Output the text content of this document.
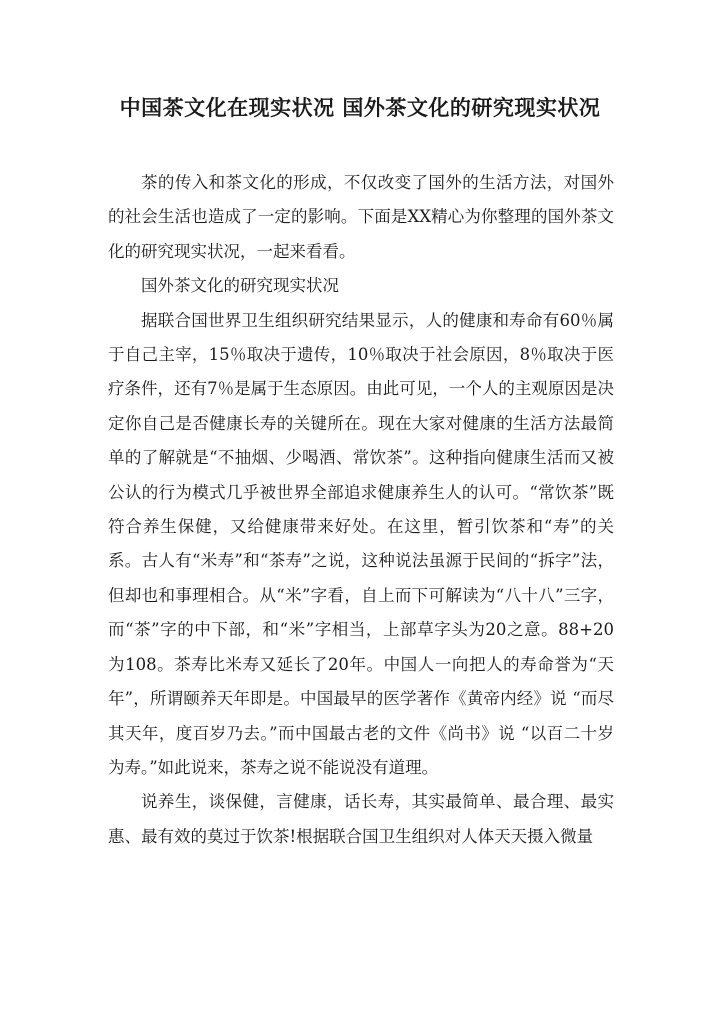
中国茶文化在现实状况 国外茶文化的研究现实状况

茶的传入和茶文化的形成，不仅改变了国外的生活方法，对国外的社会生活也造成了一定的影响。下面是XX精心为你整理的国外茶文化的研究现实状况，一起来看看。

国外茶文化的研究现实状况

据联合国世界卫生组织研究结果显示，人的健康和寿命有60％属于自己主宰，15％取决于遗传，10％取决于社会原因，8％取决于医疗条件，还有7％是属于生态原因。由此可见，一个人的主观原因是决定你自己是否健康长寿的关键所在。现在大家对健康的生活方法最简单的了解就是“不抽烟、少喝酒、常饮茶”。这种指向健康生活而又被公认的行为模式几乎被世界全部追求健康养生人的认可。“常饮茶”既符合养生保健，又给健康带来好处。在这里，暂引饮茶和“寿”的关系。古人有“米寿”和“茶寿”之说，这种说法虽源于民间的“拆字”法，但却也和事理相合。从“米”字看，自上而下可解读为“八十八”三字，而“茶”字的中下部，和“米”字相当，上部草字头为20之意。88+20为108。茶寿比米寿又延长了20年。中国人一向把人的寿命誉为“天年”，所谓颐养天年即是。中国最早的医学著作《黄帝内经》说 “而尽其天年，度百岁乃去。”而中国最古老的文件《尚书》说 “以百二十岁为寿。”如此说来，茶寿之说不能说没有道理。

说养生，谈保健，言健康，话长寿，其实最简单、最合理、最实惠、最有效的莫过于饮茶!根据联合国卫生组织对人体天天摄入微量
